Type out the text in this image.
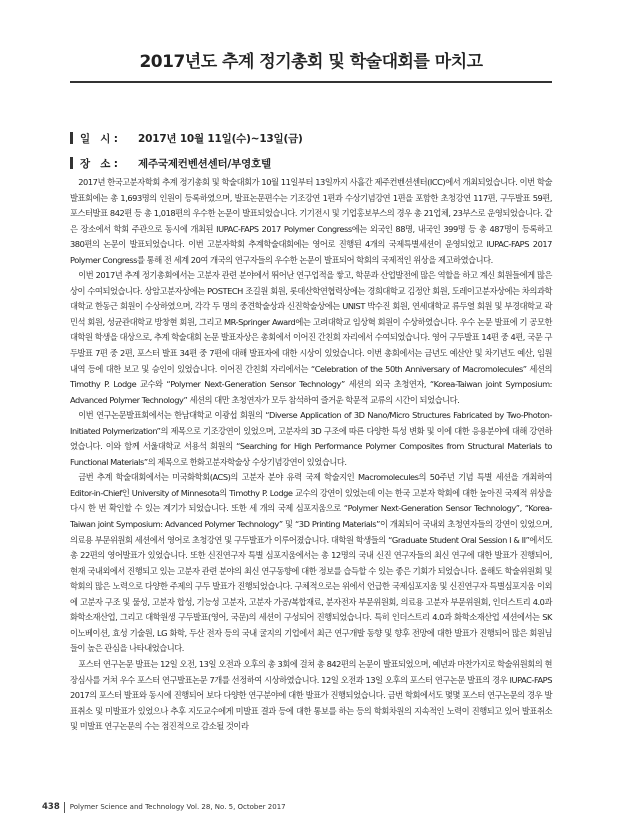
2017년도 추계 정기총회 및 학술대회를 마치고
일   시 :	2017년 10월 11일(수)~13일(금)
장   소 :	제주국제컨벤션센터/부영호텔

2017년 한국고분자학회 추계 정기총회 및 학술대회가 10월 11일부터 13일까지 사흘간 제주컨벤션센터(ICC)에서 개최되었습니다. 이번 학술발표회에는 총 1,693명의 인원이 등록하였으며, 발표논문편수는 기조강연 1편과 수상기념강연 1편을 포함한 초청강연 117편, 구두발표 59편, 포스터발표 842편 등 총 1,018편의 우수한 논문이 발표되었습니다. 기기전시 및 기업홍보부스의 경우 총 21업체, 23부스로 운영되었습니다. 같은 장소에서 학회 주관으로 동시에 개최된 IUPAC-FAPS 2017 Polymer Congress에는 외국인 88명, 내국인 399명 등 총 487명이 등록하고 380편의 논문이 발표되었습니다. 이번 고분자학회 추계학술대회에는 영어로 진행된 4개의 국제특별세션이 운영되었고 IUPAC-FAPS 2017 Polymer Congress를 통해 전 세계 20여 개국의 연구자들의 우수한 논문이 발표되어 학회의 국제적인 위상을 제고하였습니다.

이번 2017년 추계 정기총회에서는 고분자 관련 분야에서 뛰어난 연구업적을 쌓고, 학문과 산업발전에 많은 역할을 하고 계신 회원들에게 많은 상이 수여되었습니다. 상암고분자상에는 POSTECH 조길원 회원, 롯데산학연협력상에는 경희대학교 김정안 회원, 도레이고분자상에는 차의과학대학교 한동근 회원이 수상하였으며, 각각 두 명의 중견학술상과 신진학술상에는 UNIST 박수진 회원, 연세대학교 류두열 회원 및 부경대학교 곽민석 회원, 성균관대학교 방창현 회원, 그리고 MR-Springer Award에는 고려대학교 임상혁 회원이 수상하였습니다. 우수 논문 발표에 기 공모한 대학원 학생을 대상으로, 추계 학술대회 논문 발표자상은 총회에서 이어진 간친회 자리에서 수여되었습니다. 영어 구두발표 14편 중 4편, 국문 구두발표 7편 중 2편, 포스터 발표 34편 중 7편에 대해 발표자에 대한 시상이 있었습니다. 이번 총회에서는 금년도 예산안 및 차기년도 예산, 임원내역 등에 대한 보고 및 승인이 있었습니다. 이어진 간친회 자리에서는 “Celebration of the 50th Anniversary of Macromolecules” 세션의 Timothy P. Lodge 교수와 “Polymer Next-Generation Sensor Technology” 세션의 외국 초청연자, “Korea-Taiwan joint Symposium: Advanced Polymer Technology” 세션의 대만 초청연자가 모두 참석하여 즐거운 학문적 교류의 시간이 되었습니다.

이번 연구논문발표회에서는 한남대학교 이광섭 회원의 “Diverse Application of 3D Nano/Micro Structures Fabricated by Two-Photon-Initiated Polymerization”의 제목으로 기조강연이 있었으며, 고분자의 3D 구조에 따른 다양한 특성 변화 및 이에 대한 응용분야에 대해 강연하였습니다. 이와 함께 서울대학교 서용석 회원의 “Searching for High Performance Polymer Composites from Structural Materials to Functional Materials”의 제목으로 한화고분자학술상 수상기념강연이 있었습니다.

금번 추계 학술대회에서는 미국화학회(ACS)의 고분자 분야 유력 국제 학술지인 Macromolecules의 50주년 기념 특별 세션을 개최하여 Editor-in-Chief인 University of Minnesota의 Timothy P. Lodge 교수의 강연이 있었는데 이는 한국 고분자 학회에 대한 높아진 국제적 위상을 다시 한 번 확인할 수 있는 계기가 되었습니다. 또한 세 개의 국제 심포지움으로 “Polymer Next-Generation Sensor Technology”, “Korea-Taiwan joint Symposium: Advanced Polymer Technology” 및 “3D Printing Materials”이 개최되어 국내외 초청연자들의 강연이 있었으며, 의료용 부문위원회 세션에서 영어로 초청강연 및 구두발표가 이루어졌습니다. 대학원 학생들의 “Graduate Student Oral Session I & II”에서도 총 22편의 영어발표가 있었습니다. 또한 신진연구자 특별 심포지움에서는 총 12명의 국내 신진 연구자들의 최신 연구에 대한 발표가 진행되어, 현재 국내외에서 진행되고 있는 고분자 관련 분야의 최신 연구동향에 대한 정보를 습득할 수 있는 좋은 기회가 되었습니다. 올해도 학술위원회 및 학회의 많은 노력으로 다양한 주제의 구두 발표가 진행되었습니다. 구체적으로는 위에서 언급한 국제심포지움 및 신진연구자 특별심포지움 이외에 고분자 구조 및 물성, 고분자 합성, 기능성 고분자, 고분자 가공/복합재료, 분자전자 부문위원회, 의료용 고분자 부문위원회, 인더스트리 4.0과 화학소재산업, 그리고 대학원생 구두발표(영어, 국문)의 세션이 구성되어 진행되었습니다. 특히 인더스트리 4.0과 화학소재산업 세션에서는 SK 이노베이션, 효성 기술원, LG 화학, 두산 전자 등의 국내 굴지의 기업에서 최근 연구개발 동향 및 향후 전망에 대한 발표가 진행되어 많은 회원님들이 높은 관심을 나타내었습니다.

포스터 연구논문 발표는 12일 오전, 13일 오전과 오후의 총 3회에 걸쳐 총 842편의 논문이 발표되었으며, 예년과 마찬가지로 학술위원회의 현장심사를 거쳐 우수 포스터 연구발표논문 7개를 선정하여 시상하였습니다. 12일 오전과 13일 오후의 포스터 연구논문 발표의 경우 IUPAC-FAPS 2017의 포스터 발표와 동시에 진행되어 보다 다양한 연구분야에 대한 발표가 진행되었습니다. 금번 학회에서도 몇몇 포스터 연구논문의 경우 발표취소 및 미발표가 있었으나 추후 지도교수에게 미발표 결과 등에 대한 통보를 하는 등의 학회차원의 지속적인 노력이 진행되고 있어 발표취소 및 미발표 연구논문의 수는 점진적으로 감소될 것이라

438 Polymer Science and Technology Vol. 28, No. 5, October 2017
